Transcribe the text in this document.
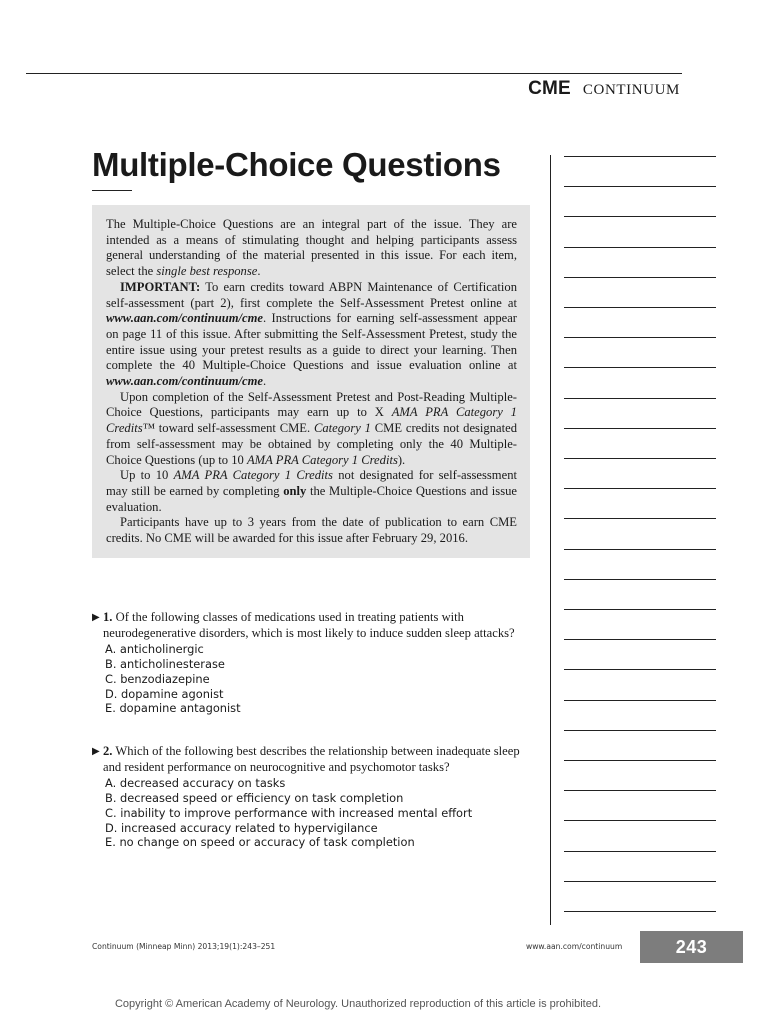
CME CONTINUUM
Multiple-Choice Questions

The Multiple-Choice Questions are an integral part of the issue. They are intended as a means of stimulating thought and helping participants assess general understanding of the material presented in this issue. For each item, select the single best response.

IMPORTANT: To earn credits toward ABPN Maintenance of Certification self-assessment (part 2), first complete the Self-Assessment Pretest online at www.aan.com/continuum/cme. Instructions for earning self-assessment appear on page 11 of this issue. After submitting the Self-Assessment Pretest, study the entire issue using your pretest results as a guide to direct your learning. Then complete the 40 Multiple-Choice Questions and issue evaluation online at www.aan.com/continuum/cme.

Upon completion of the Self-Assessment Pretest and Post-Reading Multiple-Choice Questions, participants may earn up to X AMA PRA Category 1 Credits™ toward self-assessment CME. Category 1 CME credits not designated from self-assessment may be obtained by completing only the 40 Multiple-Choice Questions (up to 10 AMA PRA Category 1 Credits).

Up to 10 AMA PRA Category 1 Credits not designated for self-assessment may still be earned by completing only the Multiple-Choice Questions and issue evaluation.

Participants have up to 3 years from the date of publication to earn CME credits. No CME will be awarded for this issue after February 29, 2016.

▶ 1. Of the following classes of medications used in treating patients with neurodegenerative disorders, which is most likely to induce sudden sleep attacks?
A. anticholinergic
B. anticholinesterase
C. benzodiazepine
D. dopamine agonist
E. dopamine antagonist
▶ 2. Which of the following best describes the relationship between inadequate sleep and resident performance on neurocognitive and psychomotor tasks?
A. decreased accuracy on tasks
B. decreased speed or efficiency on task completion
C. inability to improve performance with increased mental effort
D. increased accuracy related to hypervigilance
E. no change on speed or accuracy of task completion
Continuum (Minneap Minn) 2013;19(1):243–251	www.aan.com/continuum	243
Copyright © American Academy of Neurology. Unauthorized reproduction of this article is prohibited.
